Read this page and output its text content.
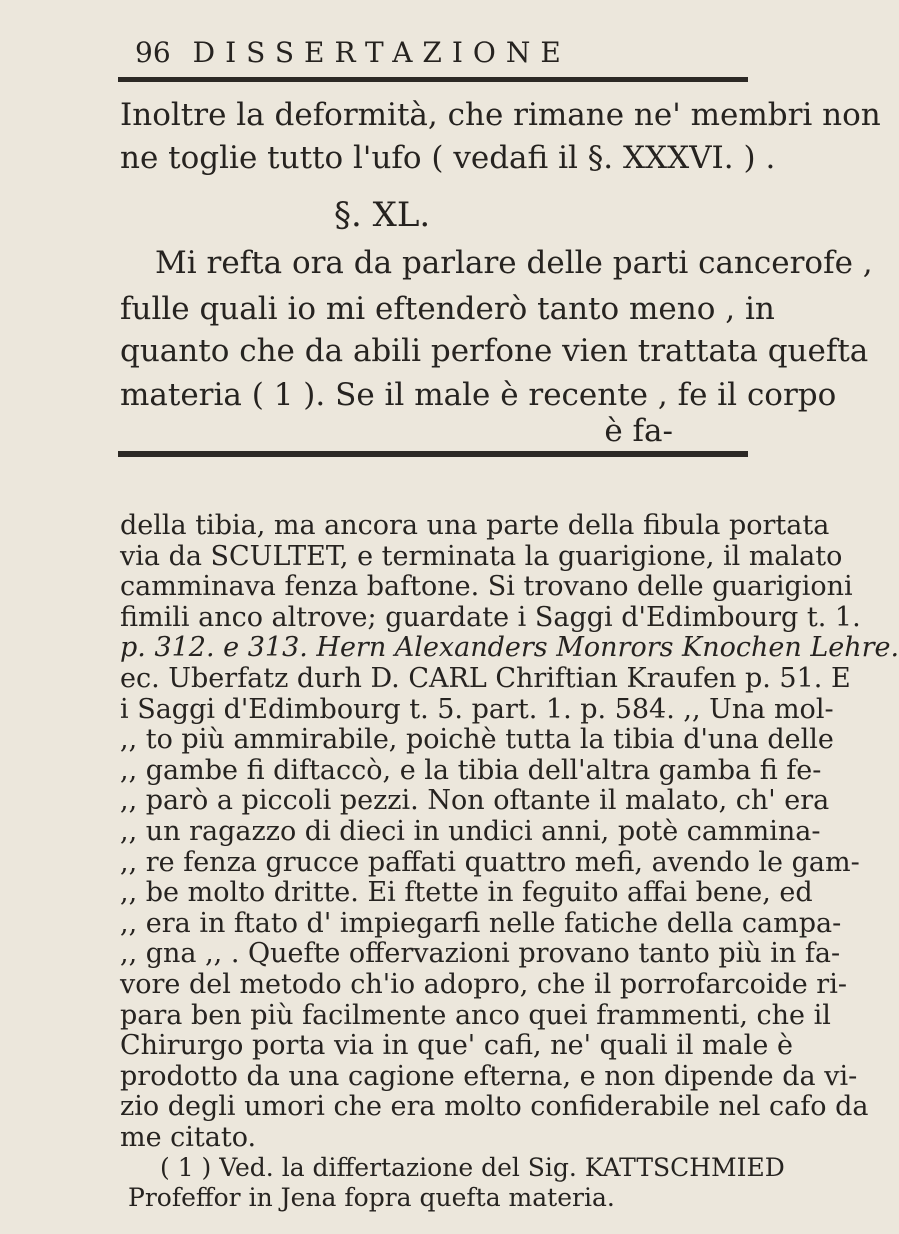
96 DISSERTAZIONE
Inoltre la deformità, che rimane ne' membri non
ne toglie tutto l'ufo ( vedafi il §. XXXVI. ) .
§. XL.
Mi refta ora da parlare delle parti cancerofe ,
fulle quali io mi eftenderò tanto meno , in
quanto che da abili perfone vien trattata quefta
materia ( 1 ). Se il male è recente , fe il corpo
è fa-
della tibia, ma ancora una parte della fibula portata
via da SCULTET, e terminata la guarigione, il malato
camminava fenza baftone. Si trovano delle guarigioni
fimili anco altrove; guardate i Saggi d'Edimbourg t. 1.
p. 312. e 313. Hern Alexanders Monrors Knochen Lehre.
ec. Uberfatz durh D. CARL Chriftian Kraufen p. 51. E
i Saggi d'Edimbourg t. 5. part. 1. p. 584. ,, Una mol-
,, to più ammirabile, poichè tutta la tibia d'una delle
,, gambe fi diftaccò, e la tibia dell'altra gamba fi fe-
,, parò a piccoli pezzi. Non oftante il malato, ch' era
,, un ragazzo di dieci in undici anni, potè cammina-
,, re fenza grucce paffati quattro mefi, avendo le gam-
,, be molto dritte. Ei ftette in feguito affai bene, ed
,, era in ftato d' impiegarfi nelle fatiche della campa-
,, gna ,, . Quefte offervazioni provano tanto più in fa-
vore del metodo ch'io adopro, che il porrofarcoide ri-
para ben più facilmente anco quei frammenti, che il
Chirurgo porta via in que' cafi, ne' quali il male è
prodotto da una cagione efterna, e non dipende da vi-
zio degli umori che era molto confiderabile nel cafo da
me citato.
( 1 ) Ved. la differtazione del Sig. KATTSCHMIED
Profeffor in Jena fopra quefta materia.
